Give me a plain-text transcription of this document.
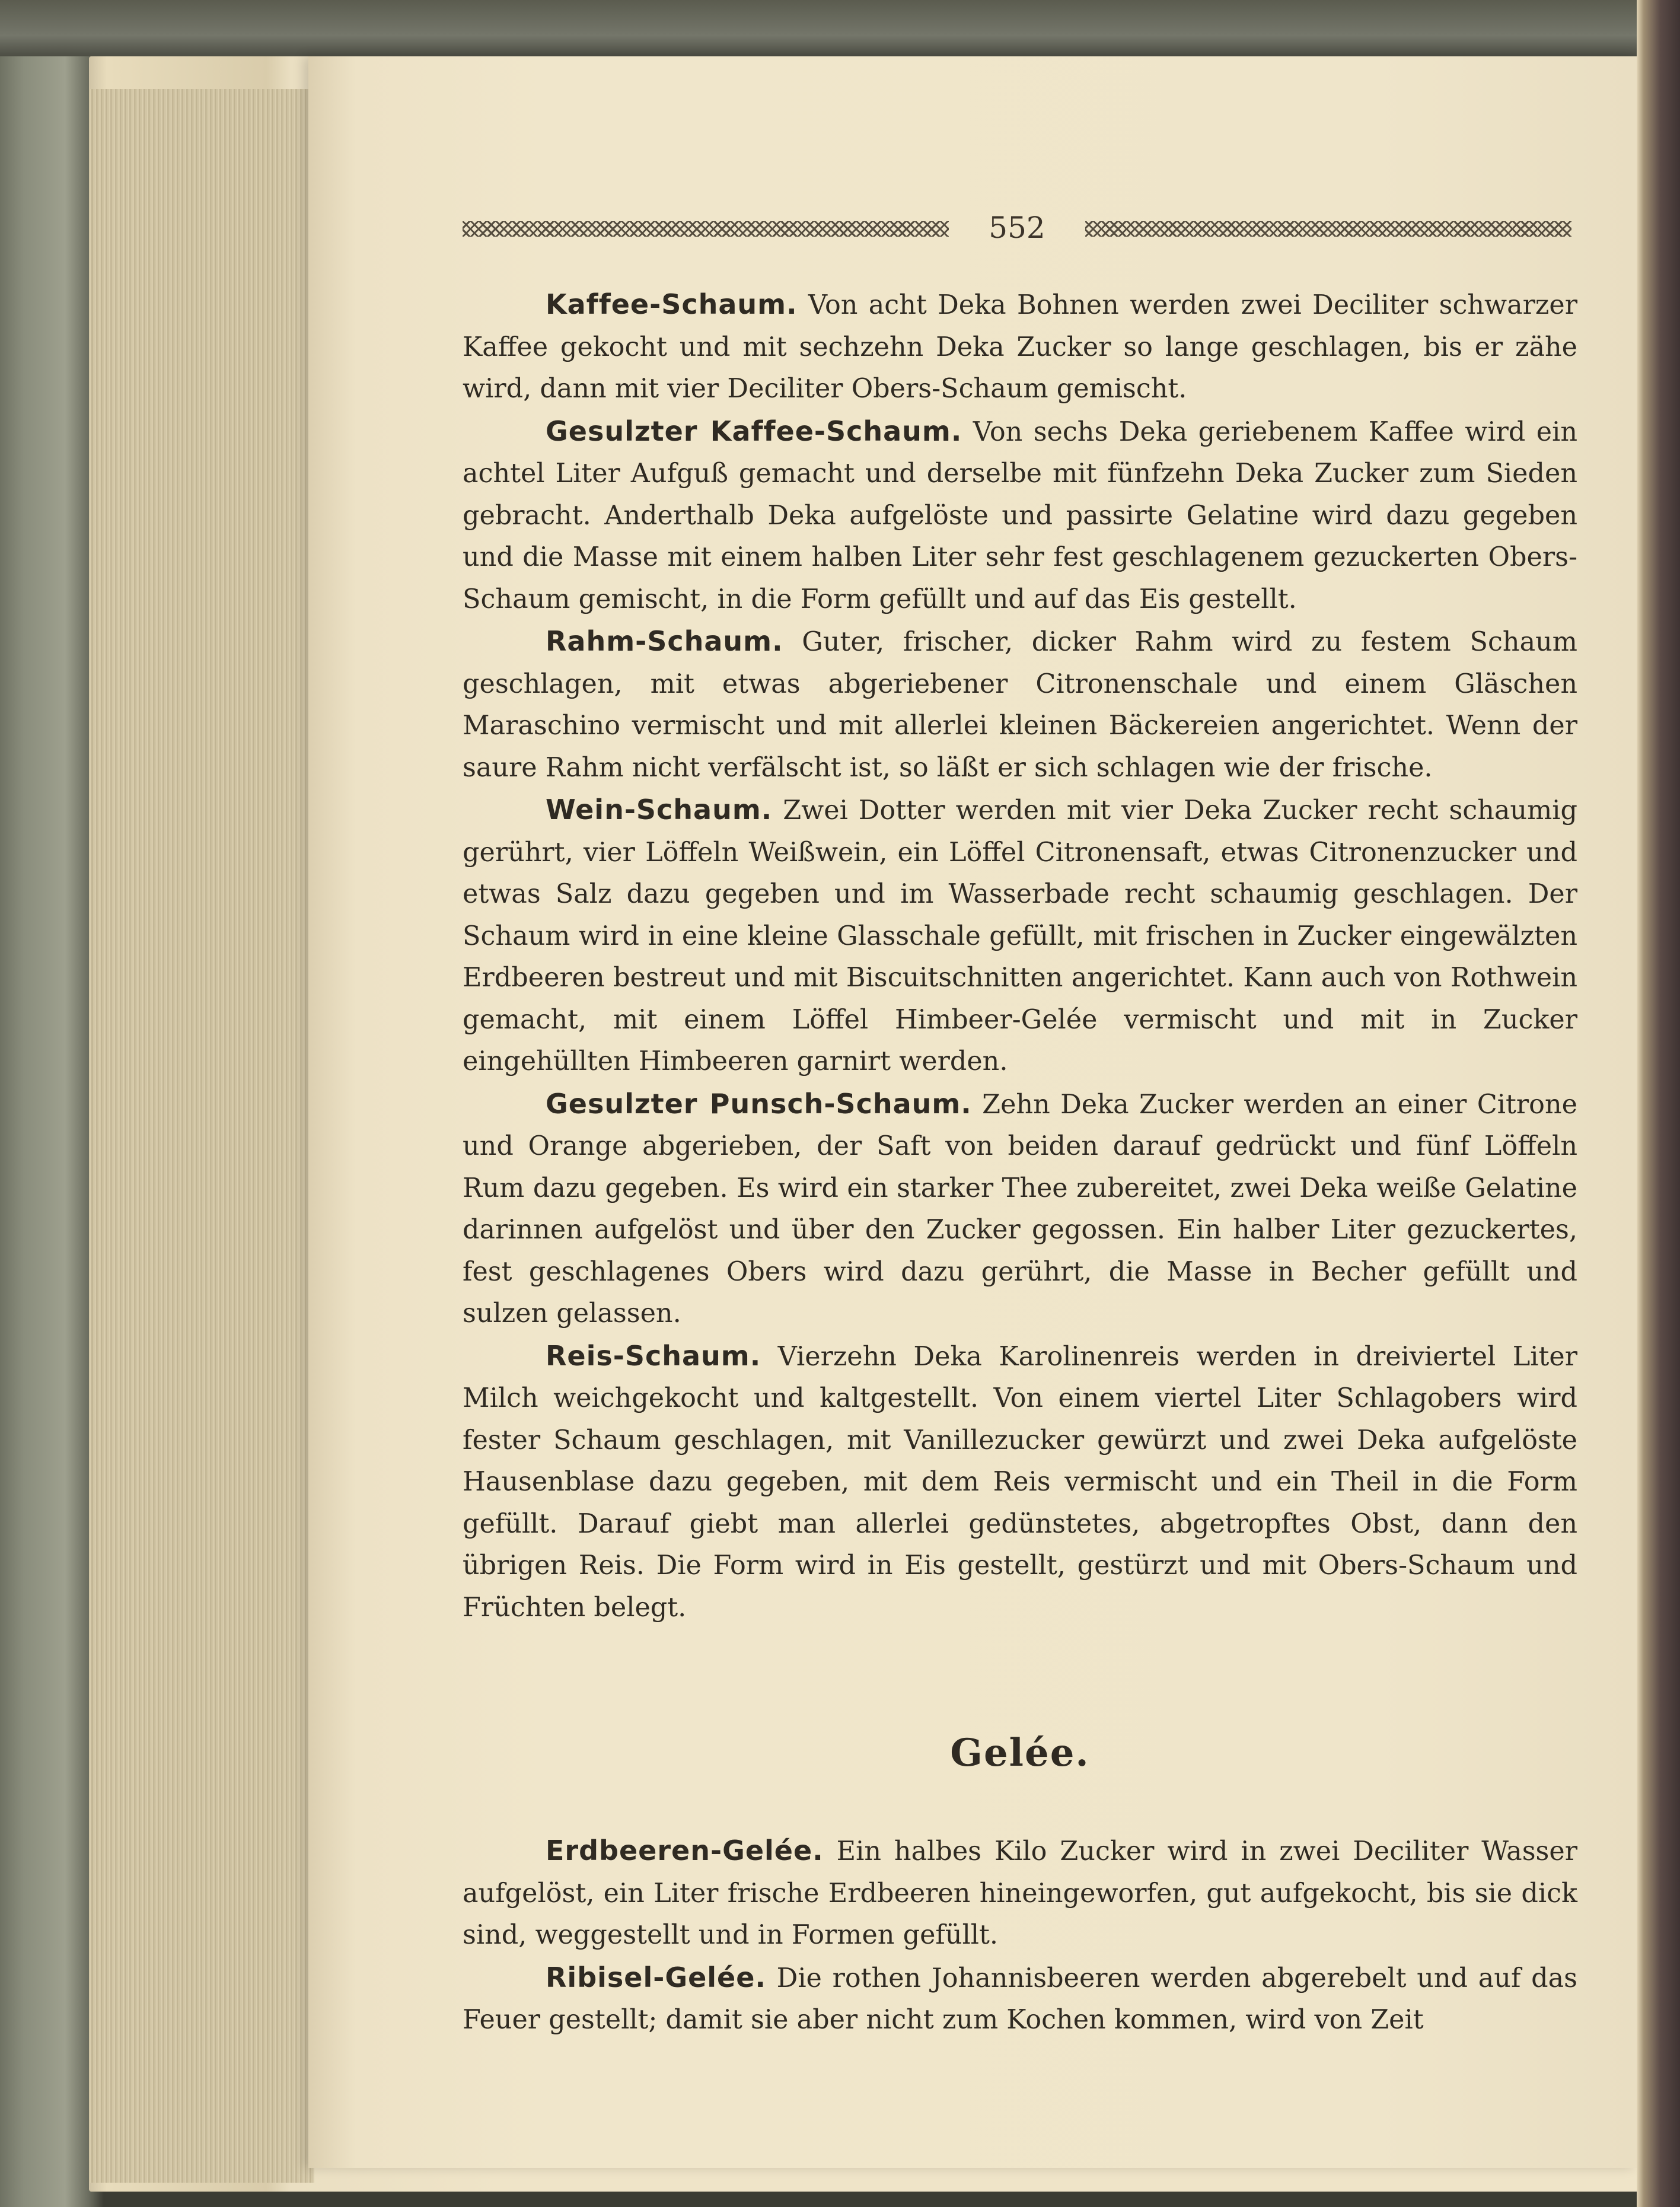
552

Kaffee-Schaum. Von acht Deka Bohnen werden zwei Deciliter schwarzer Kaffee gekocht und mit sechzehn Deka Zucker so lange geschlagen, bis er zähe wird, dann mit vier Deciliter Obers-Schaum gemischt.

Gesulzter Kaffee-Schaum. Von sechs Deka geriebenem Kaffee wird ein achtel Liter Aufguß gemacht und derselbe mit fünfzehn Deka Zucker zum Sieden gebracht. Anderthalb Deka aufgelöste und passirte Gelatine wird dazu gegeben und die Masse mit einem halben Liter sehr fest geschlagenem gezuckerten Obers-Schaum gemischt, in die Form gefüllt und auf das Eis gestellt.

Rahm-Schaum. Guter, frischer, dicker Rahm wird zu festem Schaum geschlagen, mit etwas abgeriebener Citronenschale und einem Gläschen Maraschino vermischt und mit allerlei kleinen Bäckereien angerichtet. Wenn der saure Rahm nicht verfälscht ist, so läßt er sich schlagen wie der frische.

Wein-Schaum. Zwei Dotter werden mit vier Deka Zucker recht schaumig gerührt, vier Löffeln Weißwein, ein Löffel Citronensaft, etwas Citronenzucker und etwas Salz dazu gegeben und im Wasserbade recht schaumig geschlagen. Der Schaum wird in eine kleine Glasschale gefüllt, mit frischen in Zucker eingewälzten Erdbeeren bestreut und mit Biscuitschnitten angerichtet. Kann auch von Rothwein gemacht, mit einem Löffel Himbeer-Gelée vermischt und mit in Zucker eingehüllten Himbeeren garnirt werden.

Gesulzter Punsch-Schaum. Zehn Deka Zucker werden an einer Citrone und Orange abgerieben, der Saft von beiden darauf gedrückt und fünf Löffeln Rum dazu gegeben. Es wird ein starker Thee zubereitet, zwei Deka weiße Gelatine darinnen aufgelöst und über den Zucker gegossen. Ein halber Liter gezuckertes, fest geschlagenes Obers wird dazu gerührt, die Masse in Becher gefüllt und sulzen gelassen.

Reis-Schaum. Vierzehn Deka Karolinenreis werden in dreiviertel Liter Milch weichgekocht und kaltgestellt. Von einem viertel Liter Schlagobers wird fester Schaum geschlagen, mit Vanillezucker gewürzt und zwei Deka aufgelöste Hausenblase dazu gegeben, mit dem Reis vermischt und ein Theil in die Form gefüllt. Darauf giebt man allerlei gedünstetes, abgetropftes Obst, dann den übrigen Reis. Die Form wird in Eis gestellt, gestürzt und mit Obers-Schaum und Früchten belegt.

Gelée.

Erdbeeren-Gelée. Ein halbes Kilo Zucker wird in zwei Deciliter Wasser aufgelöst, ein Liter frische Erdbeeren hineingeworfen, gut aufgekocht, bis sie dick sind, weggestellt und in Formen gefüllt.

Ribisel-Gelée. Die rothen Johannisbeeren werden abgerebelt und auf das Feuer gestellt; damit sie aber nicht zum Kochen kommen, wird von Zeit
